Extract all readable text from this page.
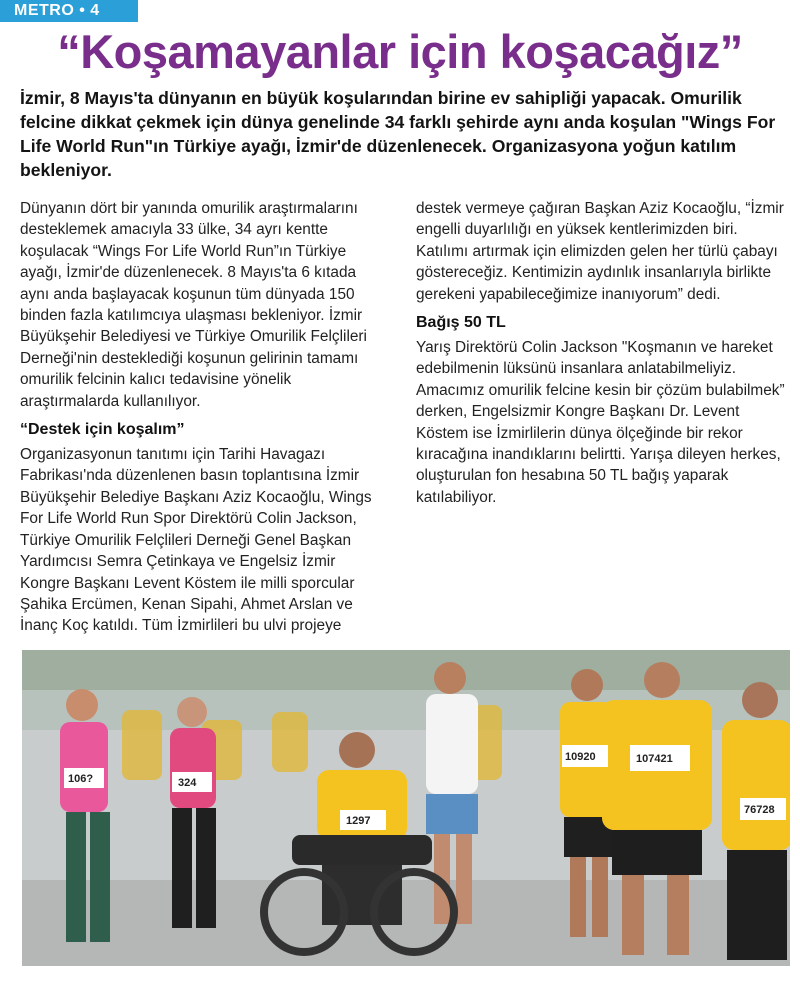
METRO • 4
“Koşamayanlar için koşacağız”

İzmir, 8 Mayıs'ta dünyanın en büyük koşularından birine ev sahipliği yapacak. Omurilik felcine dikkat çekmek için dünya genelinde 34 farklı şehirde aynı anda koşulan "Wings For Life World Run"ın Türkiye ayağı, İzmir'de düzenlenecek. Organizasyona yoğun katılım bekleniyor.

Dünyanın dört bir yanında omurilik araştırmalarını desteklemek amacıyla 33 ülke, 34 ayrı kentte koşulacak “Wings For Life World Run”ın Türkiye ayağı, İzmir'de düzenlenecek. 8 Mayıs'ta 6 kıtada aynı anda başlayacak koşunun tüm dünyada 150 binden fazla katılımcıya ulaşması bekleniyor. İzmir Büyükşehir Belediyesi ve Türkiye Omurilik Felçlileri Derneği'nin desteklediği koşunun gelirinin tamamı omurilik felcinin kalıcı tedavisine yönelik araştırmalarda kullanılıyor.

“Destek için koşalım”

Organizasyonun tanıtımı için Tarihi Havagazı Fabrikası'nda düzenlenen basın toplantısına İzmir Büyükşehir Belediye Başkanı Aziz Kocaoğlu, Wings For Life World Run Spor Direktörü Colin Jackson, Türkiye Omurilik Felçlileri Derneği Genel Başkan Yardımcısı Semra Çetinkaya ve Engelsiz İzmir Kongre Başkanı Levent Köstem ile milli sporcular Şahika Ercümen, Kenan Sipahi, Ahmet Arslan ve İnanç Koç katıldı. Tüm İzmirlileri bu ulvi projeye

destek vermeye çağıran Başkan Aziz Kocaoğlu, “İzmir engelli duyarlılığı en yüksek kentlerimizden biri. Katılımı artırmak için elimizden gelen her türlü çabayı göstereceğiz. Kentimizin aydınlık insanlarıyla birlikte gerekeni yapabileceğimize inanıyorum” dedi.
Bağış 50 TL

Yarış Direktörü Colin Jackson "Koşmanın ve hareket edebilmenin lüksünü insanlara anlatabilmeliyiz. Amacımız omurilik felcine kesin bir çözüm bulabilmek” derken, Engelsizmir Kongre Başkanı Dr. Levent Köstem ise İzmirlilerin dünya ölçeğinde bir rekor kıracağına inandıklarını belirtti. Yarışa dileyen herkes, oluşturulan fon hesabına 50 TL bağış yaparak katılabiliyor.

106?	324
10920	107421
76728
1297
